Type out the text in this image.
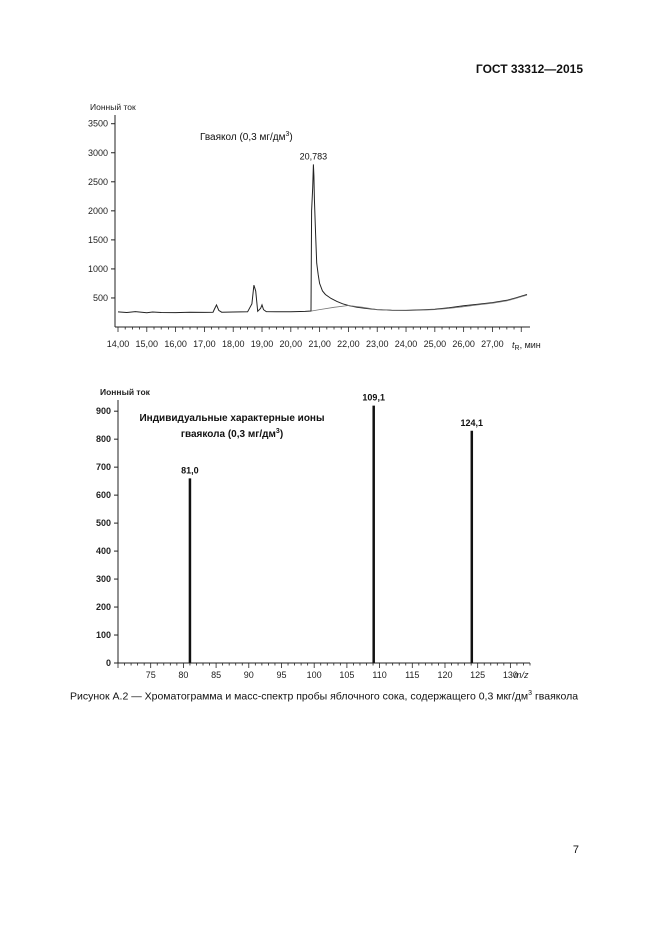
ГОСТ 33312—2015
Ионный ток
500
1000
1500
2000
2500
3000
3500
14,00 15,00 16,00 17,00 18,00 19,00 20,00 21,00 22,00 23,00 24,00 25,00 26,00 27,00
Гваякол (0,3 $мг/дм^3$)
20,783
$t_R$, мин
Ионный ток
0
100
200
300
400
500
600
700
800
900
75	80	85	90	95 100 105 110 115 120 125 130
81,0
109,1
124,1
Индивидуальные характерные ионы
гваякола (0,3 $мг/дм^3$)
m/z
Рисунок А.2 — Хроматограмма и масс-спектр пробы яблочного сока, содержащего 0,3 мкг/$дм^3$ гваякола
7
